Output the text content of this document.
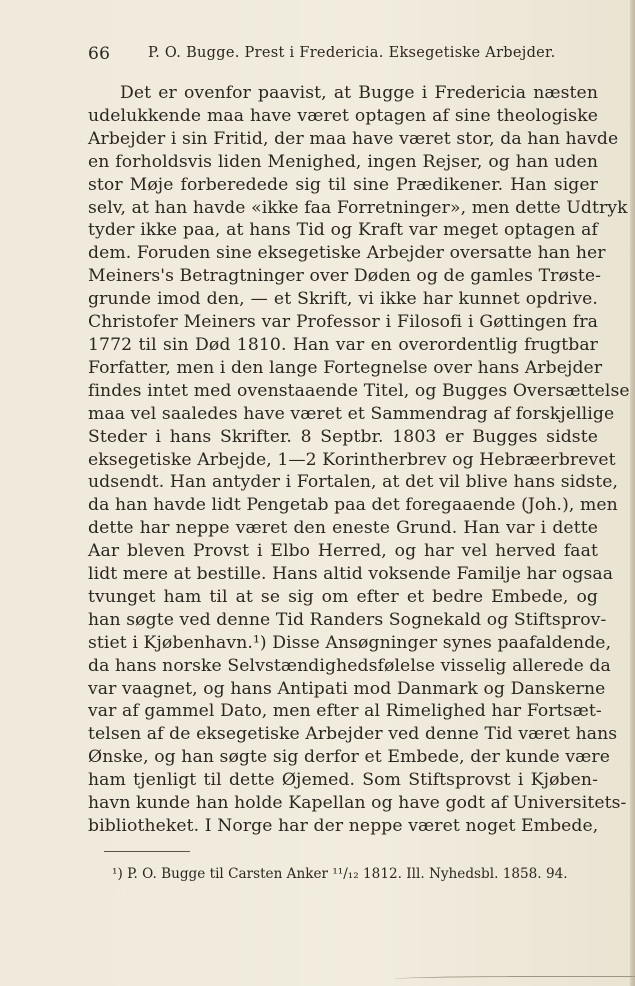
66	P. O. Bugge. Prest i Fredericia. Eksegetiske Arbejder.
Det er ovenfor paavist, at Bugge i Fredericia næsten
udelukkende maa have været optagen af sine theologiske
Arbejder i sin Fritid, der maa have været stor, da han havde
en forholdsvis liden Menighed, ingen Rejser, og han uden
stor Møje forberedede sig til sine Prædikener. Han siger
selv, at han havde «ikke faa Forretninger», men dette Udtryk
tyder ikke paa, at hans Tid og Kraft var meget optagen af
dem. Foruden sine eksegetiske Arbejder oversatte han her
Meiners's Betragtninger over Døden og de gamles Trøste-
grunde imod den, — et Skrift, vi ikke har kunnet opdrive.
Christofer Meiners var Professor i Filosofi i Gøttingen fra
1772 til sin Død 1810. Han var en overordentlig frugtbar
Forfatter, men i den lange Fortegnelse over hans Arbejder
findes intet med ovenstaaende Titel, og Bugges Oversættelse
maa vel saaledes have været et Sammendrag af forskjellige
Steder i hans Skrifter. 8 Septbr. 1803 er Bugges sidste
eksegetiske Arbejde, 1—2 Korintherbrev og Hebræerbrevet
udsendt. Han antyder i Fortalen, at det vil blive hans sidste,
da han havde lidt Pengetab paa det foregaaende (Joh.), men
dette har neppe været den eneste Grund. Han var i dette
Aar bleven Provst i Elbo Herred, og har vel herved faat
lidt mere at bestille. Hans altid voksende Familje har ogsaa
tvunget ham til at se sig om efter et bedre Embede, og
han søgte ved denne Tid Randers Sognekald og Stiftsprov-
stiet i Kjøbenhavn.¹) Disse Ansøgninger synes paafaldende,
da hans norske Selvstændighedsfølelse visselig allerede da
var vaagnet, og hans Antipati mod Danmark og Danskerne
var af gammel Dato, men efter al Rimelighed har Fortsæt-
telsen af de eksegetiske Arbejder ved denne Tid været hans
Ønske, og han søgte sig derfor et Embede, der kunde være
ham tjenligt til dette Øjemed. Som Stiftsprovst i Kjøben-
havn kunde han holde Kapellan og have godt af Universitets-
bibliotheket. I Norge har der neppe været noget Embede,
¹) P. O. Bugge til Carsten Anker ¹¹/₁₂ 1812. Ill. Nyhedsbl. 1858. 94.
